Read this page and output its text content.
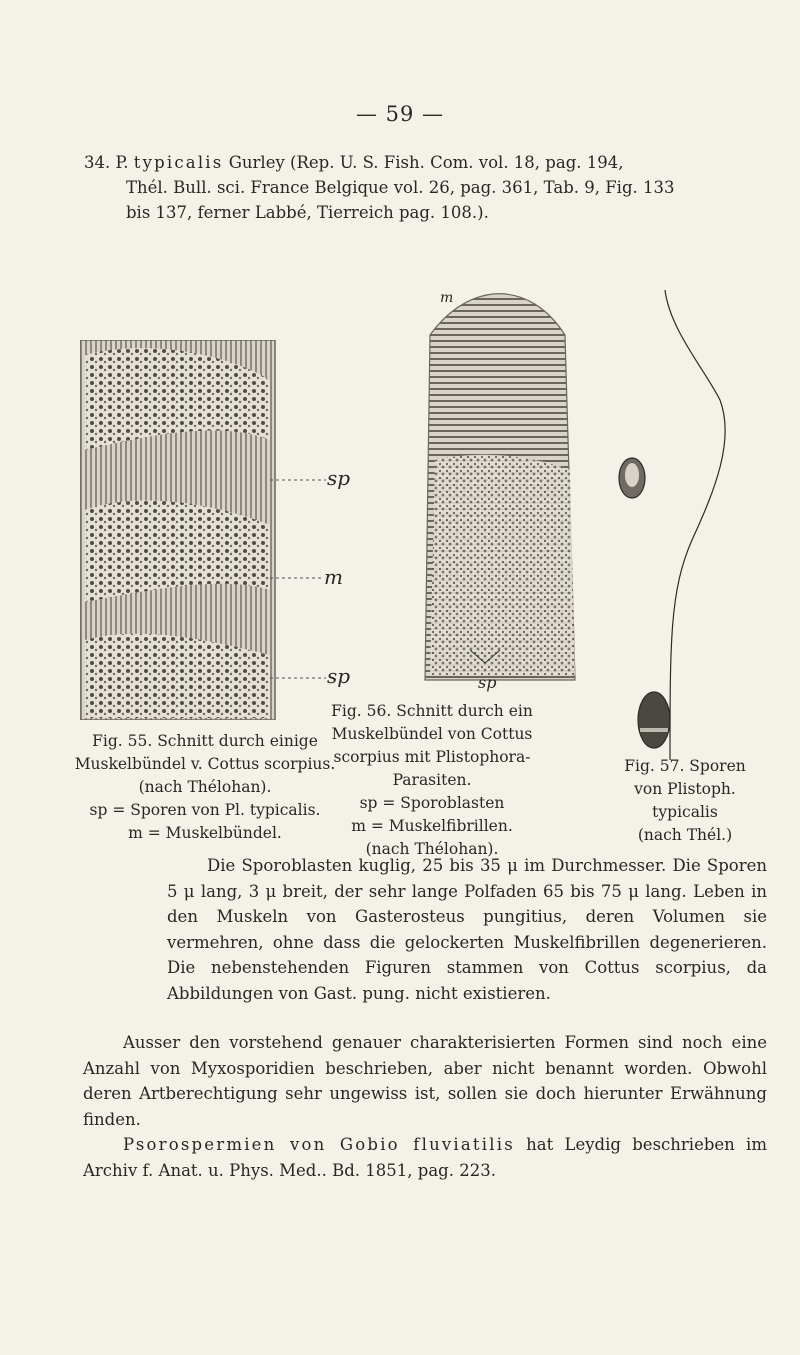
— 59 —
34. P. typicalis Gurley (Rep. U. S. Fish. Com. vol. 18, pag. 194,
Thél. Bull. sci. France Belgique vol. 26, pag. 361, Tab. 9, Fig. 133
bis 137, ferner Labbé, Tierreich pag. 108.).
sp
m
sp
Fig. 55. Schnitt durch einige
Muskelbündel v. Cottus scorpius.
(nach Thélohan).
sp = Sporen von Pl. typicalis.
m = Muskelbündel.
m
sp
Fig. 56. Schnitt durch ein
Muskelbündel von Cottus
scorpius mit Plistophora-
Parasiten.
sp = Sporoblasten
m = Muskelfibrillen.
(nach Thélohan).
Fig. 57. Sporen
von Plistoph.
typicalis
(nach Thél.)
Die Sporoblasten kuglig, 25 bis 35 μ im Durchmesser. Die Sporen 5 μ lang, 3 μ breit, der sehr lange Polfaden 65 bis 75 μ lang. Leben in den Muskeln von Gasterosteus pungitius, deren Volumen sie vermehren, ohne dass die gelockerten Muskelfibrillen degenerieren. Die nebenstehenden Figuren stammen von Cottus scorpius, da Abbildungen von Gast. pung. nicht existieren.
Ausser den vorstehend genauer charakterisierten Formen sind noch eine Anzahl von Myxosporidien beschrieben, aber nicht benannt worden. Obwohl deren Artberechtigung sehr ungewiss ist, sollen sie doch hierunter Erwähnung finden.
Psorospermien von Gobio fluviatilis hat Leydig beschrieben im Archiv f. Anat. u. Phys. Med.. Bd. 1851, pag. 223.
